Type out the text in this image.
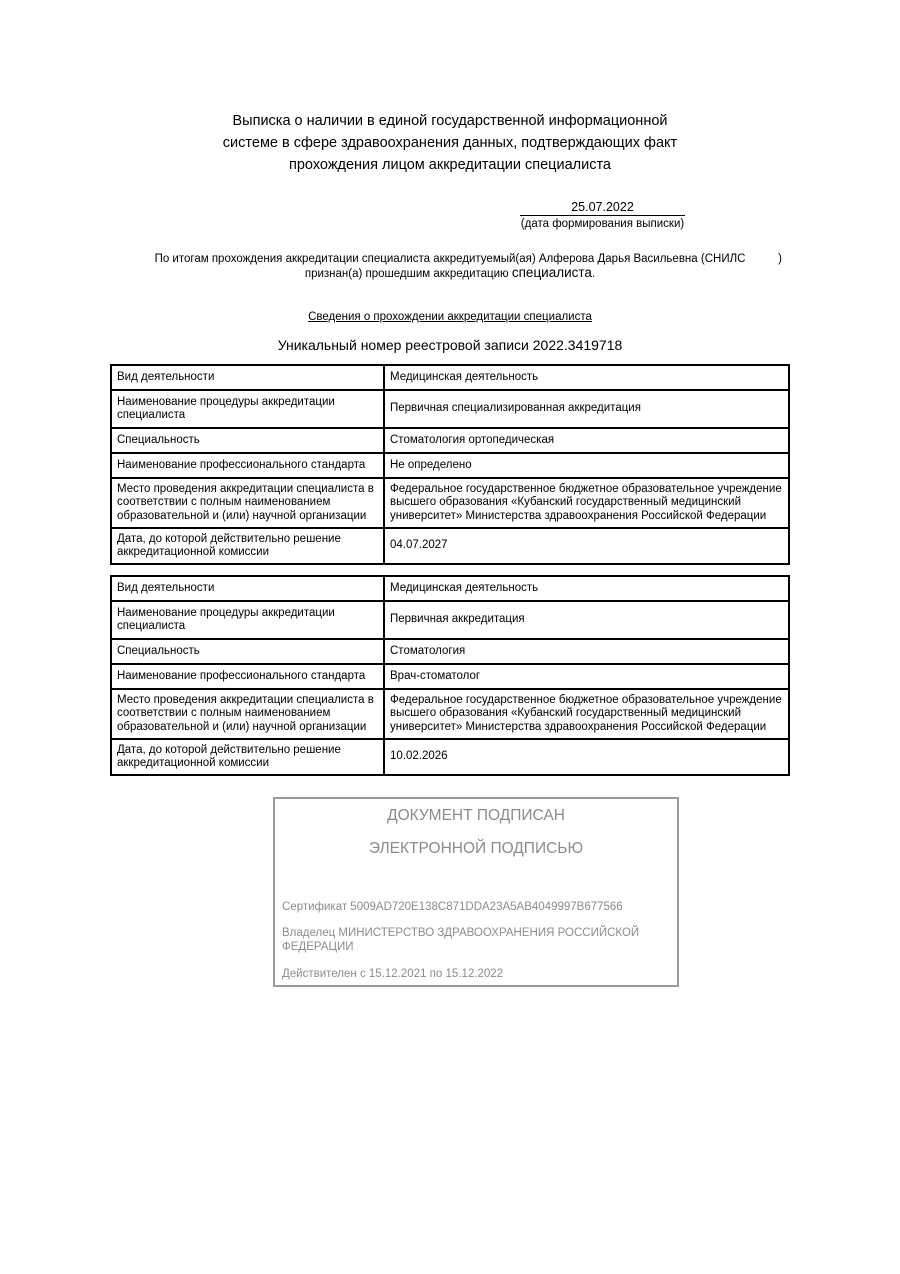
Выписка о наличии в единой государственной информационной
системе в сфере здравоохранения данных, подтверждающих факт
прохождения лицом аккредитации специалиста
25.07.2022
(дата формирования выписки)
По итогам прохождения аккредитации специалиста аккредитуемый(ая) Алферова Дарья Васильевна (СНИЛС	)
признан(а) прошедшим аккредитацию специалиста.
Сведения о прохождении аккредитации специалиста
Уникальный номер реестровой записи 2022.3419718
Вид деятельности	Медицинская деятельность
Наименование процедуры аккредитации специалиста	Первичная специализированная аккредитация
Специальность	Стоматология ортопедическая
Наименование профессионального стандарта	Не определено
Место проведения аккредитации специалиста в соответствии с полным наименованием образовательной и (или) научной организации	Федеральное государственное бюджетное образовательное учреждение высшего образования «Кубанский государственный медицинский университет» Министерства здравоохранения Российской Федерации
Дата, до которой действительно решение аккредитационной комиссии	04.07.2027
Вид деятельности	Медицинская деятельность
Наименование процедуры аккредитации специалиста	Первичная аккредитация
Специальность	Стоматология
Наименование профессионального стандарта	Врач-стоматолог
Место проведения аккредитации специалиста в соответствии с полным наименованием образовательной и (или) научной организации	Федеральное государственное бюджетное образовательное учреждение высшего образования «Кубанский государственный медицинский университет» Министерства здравоохранения Российской Федерации
Дата, до которой действительно решение аккредитационной комиссии	10.02.2026
ДОКУМЕНТ ПОДПИСАН
ЭЛЕКТРОННОЙ ПОДПИСЬЮ
Сертификат 5009AD720E138C871DDA23A5AB4049997B677566
Владелец МИНИСТЕРСТВО ЗДРАВООХРАНЕНИЯ РОССИЙСКОЙ ФЕДЕРАЦИИ
Действителен с 15.12.2021 по 15.12.2022
